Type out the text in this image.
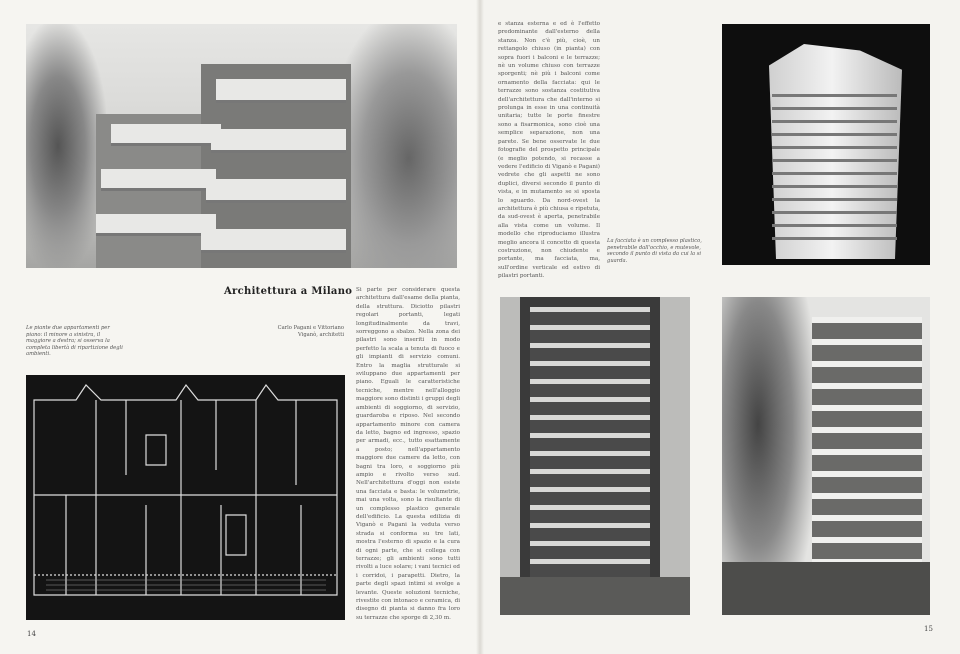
Architettura a Milano
Le piante due appartamenti per piano: il minore a sinistra, il maggiore a destra; si osserva la completa libertà di ripartizione degli ambienti.
Carlo Pagani e Vittoriano Viganò, architetti
Si parte per considerare questa architettura dall'esame della pianta, della struttura. Diciotto pilastri regolari portanti, legati longitudinalmente da travi, sorreggono a sbalzo. Nella zona dei pilastri sono inseriti in modo perfetto la scala a tenuta di fuoco e gli impianti di servizio comuni. Entro la maglia strutturale si sviluppano due appartamenti per piano. Eguali le caratteristiche tecniche, mentre nell'alloggio maggiore sono distinti i gruppi degli ambienti di soggiorno, di servizio, guardaroba e riposo. Nel secondo appartamento minore con camera da letto, bagno ed ingresso, spazio per armadi, ecc., tutto esattamente a posto; nell'appartamento maggiore due camere da letto, con bagni tra loro, e soggiorno più ampio e rivolto verso sud. Nell'architettura d'oggi non esiste una facciata e basta: le volumetrie, mai una volta, sono la risultante di un complesso plastico generale dell'edificio. La questa edilizia di Viganò e Pagani la veduta verso strada si conforma su tre lati, mostra l'esterno di spazio e la cura di ogni parte, che si collega con terrazze; gli ambienti sono tutti rivolti a luce solare; i vani tecnici ed i corridoi, i parapetti. Dietro, la parte degli spazi intimi si svolge a levante. Queste soluzioni tecniche, rivestite con intonaco e ceramica, di disegno di pianta si danno fra loro su terrazze che sporge di 2,30 m.
14
e stanza esterna e ed è l'effetto predominante dall'esterno della stanza. Non c'è più, cioè, un rettangolo chiuso (in pianta) con sopra fuori i balconi e le terrazze; nè un volume chiuso con terrazze sporgenti; nè più i balconi come ornamento della facciata: qui le terrazze sono sostanza costitutiva dell'architettura che dall'interno si prolunga in esse in una continuità unitaria; tutte le porte finestre sono a fisarmonica, sono cioè una semplice separazione, non una parete. Se bene osservate le due fotografie del prospetto principale (e meglio potendo, si recasse a vedere l'edificio di Viganò e Pagani) vedrete che gli aspetti ne sono duplici, diversi secondo il punto di vista, e in mutamento se si sposta lo sguardo. Da nord-ovest la architettura è più chiusa e ripetuta, da sud-ovest è aperta, penetrabile alla vista come un volume. Il modello che riproduciamo illustra meglio ancora il concetto di questa costruzione, non chiudente e portante, ma facciata, ma, sull'ordine verticale ed estivo di pilastri portanti.
La facciata è un complesso plastico, penetrabile dall'occhio, e mutevole, secondo il punto di vista da cui la si guarda.
15
